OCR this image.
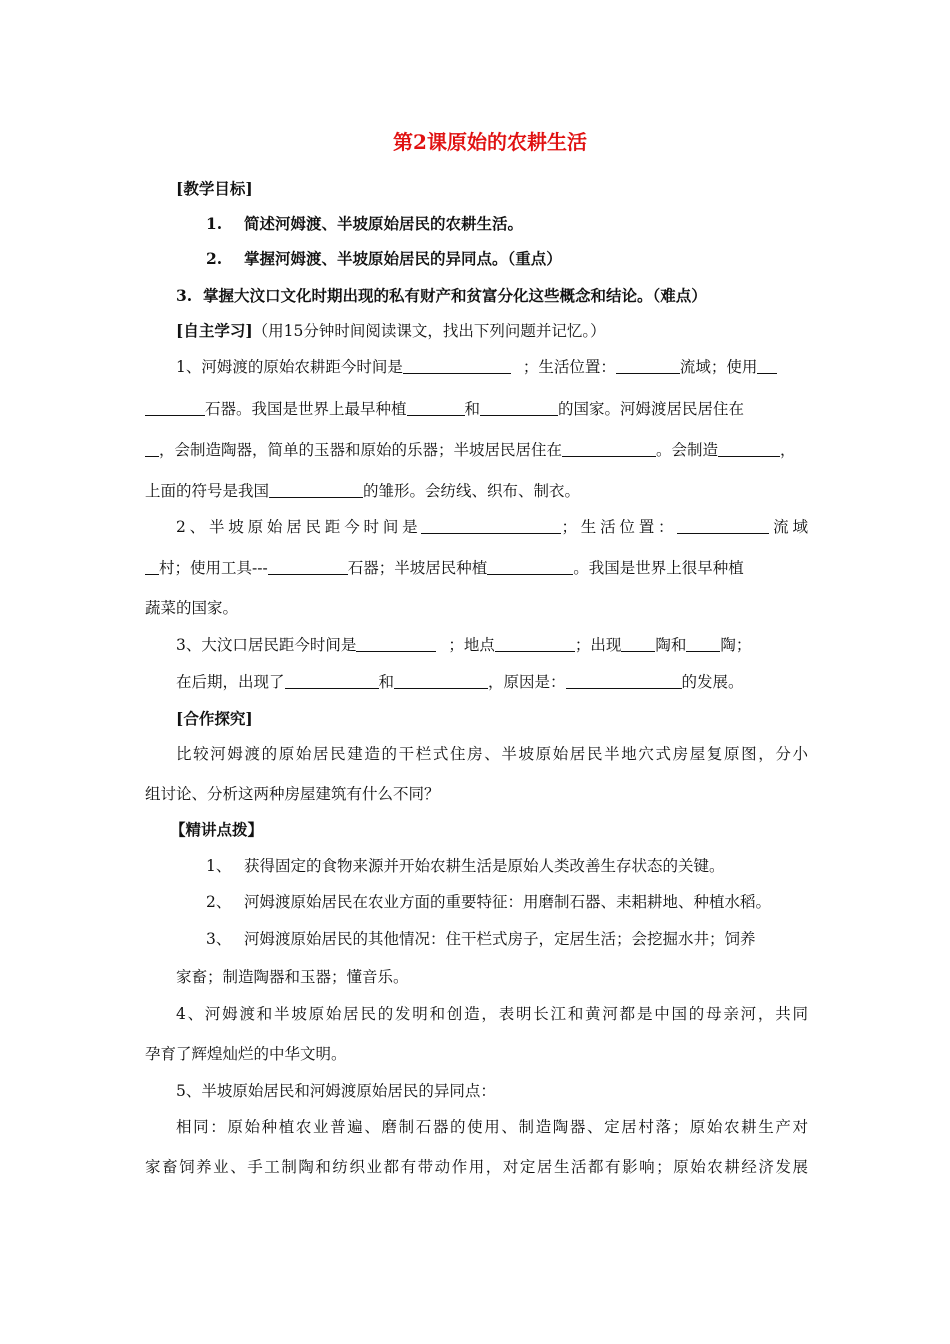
第2课原始的农耕生活
[教学目标]
1. 简述河姆渡、半坡原始居民的农耕生活。
2. 掌握河姆渡、半坡原始居民的异同点。（重点）
3. 掌握大汶口文化时期出现的私有财产和贫富分化这些概念和结论。（难点）
[自主学习]（用15分钟时间阅读课文，找出下列问题并记忆。）
1、河姆渡的原始农耕距今时间是	；生活位置：	流域；使用
石器。我国是世界上最早种植	和	的国家。河姆渡居民居住在
，会制造陶器，简单的玉器和原始的乐器；半坡居民居住在	。会制造	，
上面的符号是我国	的雏形。会纺线、织布、制衣。
2、半坡原始居民距今时间是	；生活位置：	流域
村；使用工具---	石器；半坡居民种植	。我国是世界上很早种植
蔬菜的国家。
3、大汶口居民距今时间是	；地点	；出现 陶和 陶；
在后期，出现了	和	，原因是：	的发展。
[合作探究]
比较河姆渡的原始居民建造的干栏式住房、半坡原始居民半地穴式房屋复原图，分小
组讨论、分析这两种房屋建筑有什么不同？
【精讲点拨】
1、 获得固定的食物来源并开始农耕生活是原始人类改善生存状态的关键。
2、 河姆渡原始居民在农业方面的重要特征：用磨制石器、耒耜耕地、种植水稻。
3、 河姆渡原始居民的其他情况：住干栏式房子，定居生活；会挖掘水井；饲养
家畜；制造陶器和玉器；懂音乐。
4、河姆渡和半坡原始居民的发明和创造，表明长江和黄河都是中国的母亲河，共同
孕育了辉煌灿烂的中华文明。
5、半坡原始居民和河姆渡原始居民的异同点：
相同：原始种植农业普遍、磨制石器的使用、制造陶器、定居村落；原始农耕生产对
家畜饲养业、手工制陶和纺织业都有带动作用，对定居生活都有影响；原始农耕经济发展
